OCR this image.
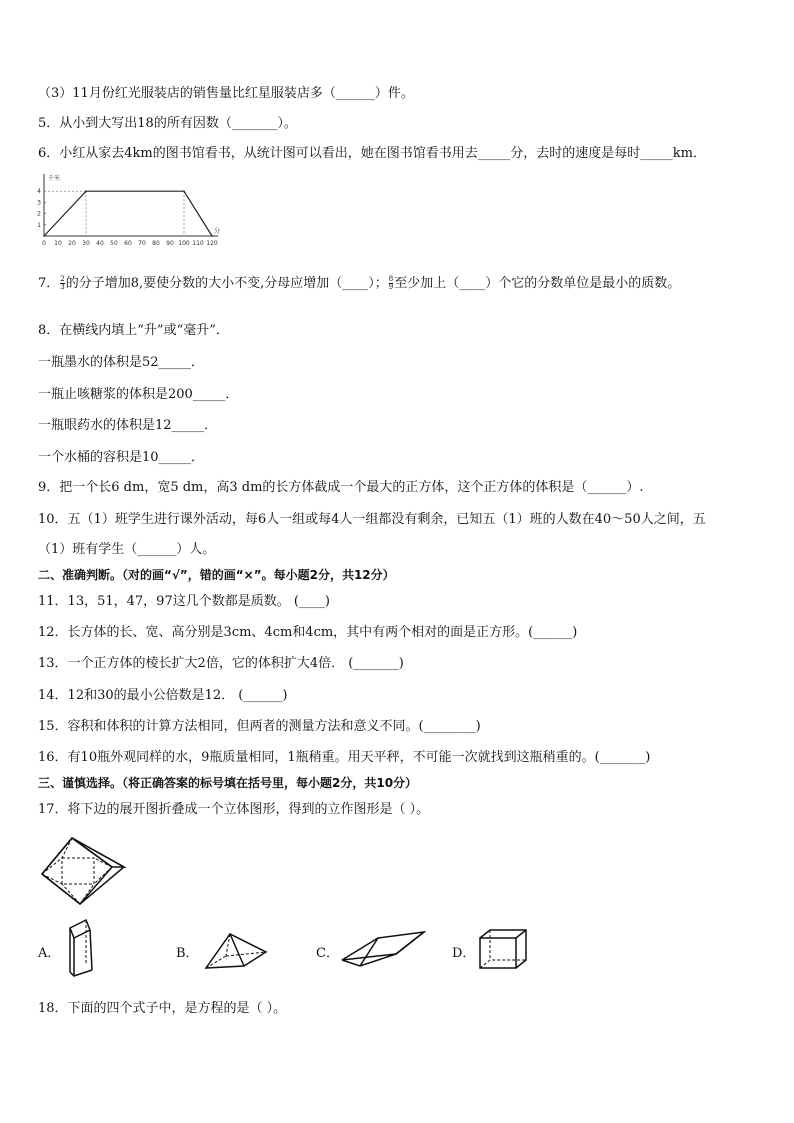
（3）11月份红光服装店的销售量比红星服装店多（______）件。
5．从小到大写出18的所有因数（_______）。
6．小红从家去4km的图书馆看书，从统计图可以看出，她在图书馆看书用去_____分，去时的速度是每时_____km．
0 10 20 30 40 50 60 70 80 90 100 110 120
1
2
3
4
千米
分
7． $\frac{2}{3}$ 的分子增加8,要使分数的大小不变,分母应增加（____）； $\frac{8}{9}$ 至少加上（____）个它的分数单位是最小的质数。
8．在横线内填上“升”或“毫升”．
一瓶墨水的体积是52_____．
一瓶止咳糖浆的体积是200_____．
一瓶眼药水的体积是12_____．
一个水桶的容积是10_____．
9．把一个长6 dm，宽5 dm，高3 dm的长方体截成一个最大的正方体，这个正方体的体积是（______）.
10．五（1）班学生进行课外活动，每6人一组或每4人一组都没有剩余，已知五（1）班的人数在40～50人之间，五
（1）班有学生（______）人。
二、准确判断。（对的画“√”，错的画“×”。每小题2分，共12分）
11．13，51，47，97这几个数都是质数。 (____)
12．长方体的长、宽、高分别是3cm、4cm和4cm，其中有两个相对的面是正方形。(______)
13．一个正方体的棱长扩大2倍，它的体积扩大4倍． (_______)
14．12和30的最小公倍数是12． (______)
15．容积和体积的计算方法相同，但两者的测量方法和意义不同。(________)
16．有10瓶外观同样的水，9瓶质量相同，1瓶稍重。用天平秤，不可能一次就找到这瓶稍重的。(_______)
三、谨慎选择。（将正确答案的标号填在括号里，每小题2分，共10分）
17．将下边的展开图折叠成一个立体图形，得到的立作图形是（ ）。
A．	B．	C．	D．
18．下面的四个式子中，是方程的是（ ）。
